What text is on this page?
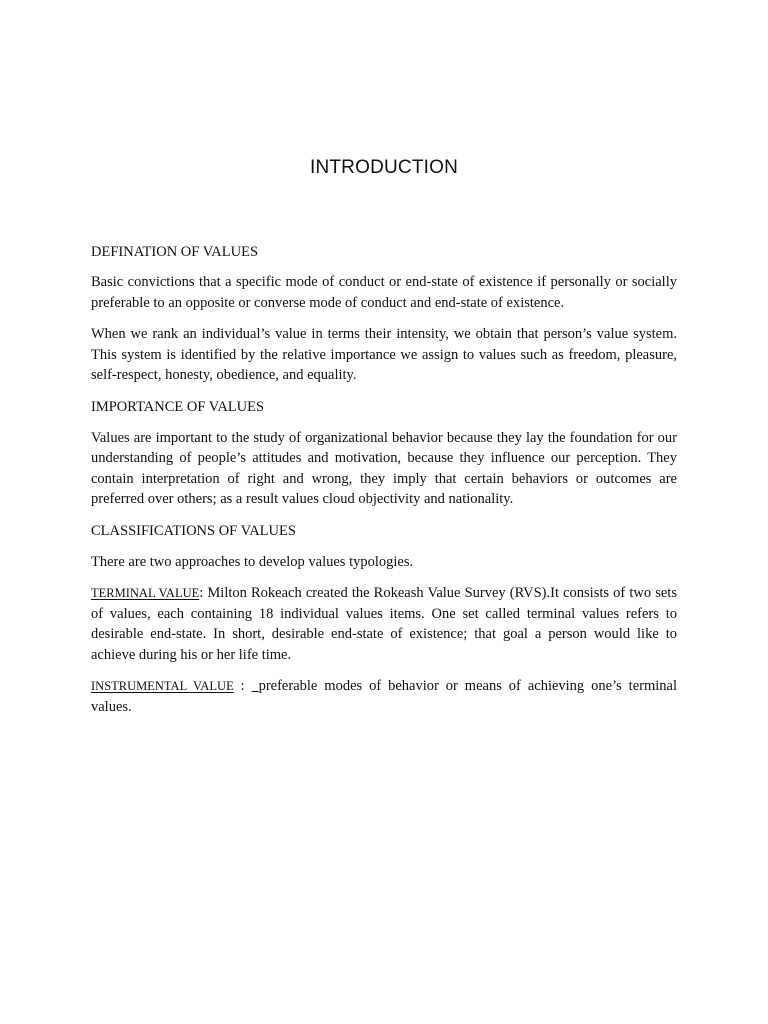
INTRODUCTION

DEFINATION OF VALUES

Basic convictions that a specific mode of conduct or end-state of existence if personally or socially preferable to an opposite or converse mode of conduct and end-state of existence.

When we rank an individual’s value in terms their intensity, we obtain that person’s value system. This system is identified by the relative importance we assign to values such as freedom, pleasure, self-respect, honesty, obedience, and equality.

IMPORTANCE OF VALUES

Values are important to the study of organizational behavior because they lay the foundation for our understanding of people’s attitudes and motivation, because they influence our perception. They contain interpretation of right and wrong, they imply that certain behaviors or outcomes are preferred over others; as a result values cloud objectivity and nationality.

CLASSIFICATIONS OF VALUES

There are two approaches to develop values typologies.

TERMINAL VALUE: Milton Rokeach created the Rokeash Value Survey (RVS).It consists of two sets of values, each containing 18 individual values items. One set called terminal values refers to desirable end-state. In short, desirable end-state of existence; that goal a person would like to achieve during his or her life time.

INSTRUMENTAL VALUE :  preferable modes of behavior or means of achieving one’s terminal values.
